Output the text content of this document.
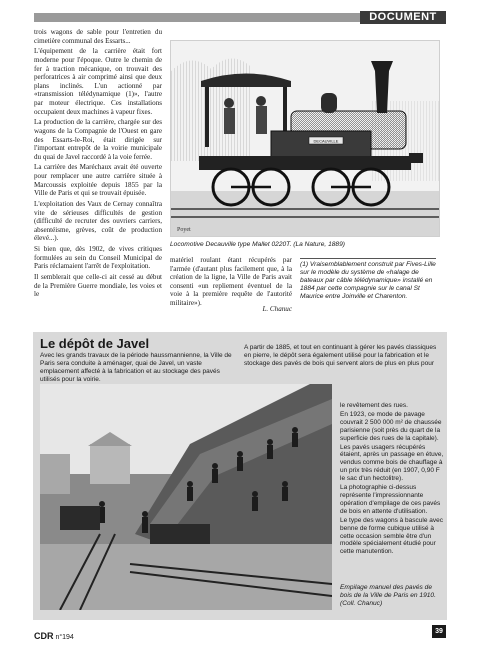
DOCUMENT

trois wagons de sable pour l'entretien du cimetière communal des Essarts...

L'équipement de la carrière était fort moderne pour l'époque. Outre le chemin de fer à traction mécanique, on trouvait des perforatrices à air comprimé ainsi que deux plans inclinés. L'un actionné par «transmission télédynamique (1)», l'autre par moteur électrique. Ces installations occupaient deux machines à vapeur fixes.

La production de la carrière, chargée sur des wagons de la Compagnie de l'Ouest en gare des Essarts-le-Roi, était dirigée sur l'important entrepôt de la voirie municipale du quai de Javel raccordé à la voie ferrée.

La carrière des Maréchaux avait été ouverte pour remplacer une autre carrière située à Marcoussis exploitée depuis 1855 par la Ville de Paris et qui se trouvait épuisée.

L'exploitation des Vaux de Cernay connaîtra vite de sérieuses difficultés de gestion (difficulté de recruter des ouvriers carriers, absentéisme, grèves, coût de production élevé...).

Si bien que, dès 1902, de vives critiques formulées au sein du Conseil Municipal de Paris réclamaient l'arrêt de l'exploitation.

Il semblerait que celle-ci ait cessé au début de la Première Guerre mondiale, les voies et le

DECAUVILLE
Poyet
Locomotive Decauville type Mallet 0220T. (La Nature, 1889)
matériel roulant étant récupérés par l'armée (d'autant plus facilement que, à la création de la ligne, la Ville de Paris avait consenti «un repliement éventuel de la voie à la première requête de l'autorité militaire»).
L. Chanuc
(1) Vraisemblablement construit par Fives-Lille sur le modèle du système de «halage de bateaux par câble télédynamique» installé en 1884 par cette compagnie sur le canal St Maurice entre Joinville et Charenton.
Le dépôt de Javel
Avec les grands travaux de la période haussmannienne, la Ville de Paris sera conduite à aménager, quai de Javel, un vaste emplacement affecté à la fabrication et au stockage des pavés utilisés pour la voirie.
A partir de 1885, et tout en continuant à gérer les pavés classiques en pierre, le dépôt sera également utilisé pour la fabrication et le stockage des pavés de bois qui servent alors de plus en plus pour

le revêtement des rues.

En 1923, ce mode de pavage couvrait 2 500 000 m² de chaussée parisienne (soit près du quart de la superficie des rues de la capitale).

Les pavés usagers récupérés étaient, après un passage en étuve, vendus comme bois de chauffage à un prix très réduit (en 1907, 0,90 F le sac d'un hectolitre).

La photographie ci-dessus représente l'impressionnante opération d'empilage de ces pavés de bois en attente d'utilisation.

Le type des wagons à bascule avec benne de forme cubique utilisé à cette occasion semble être d'un modèle spécialement étudié pour cette manutention.

Empilage manuel des pavés de bois de la Ville de Paris en 1910. (Coll. Chanuc)
CDR n°194
39
